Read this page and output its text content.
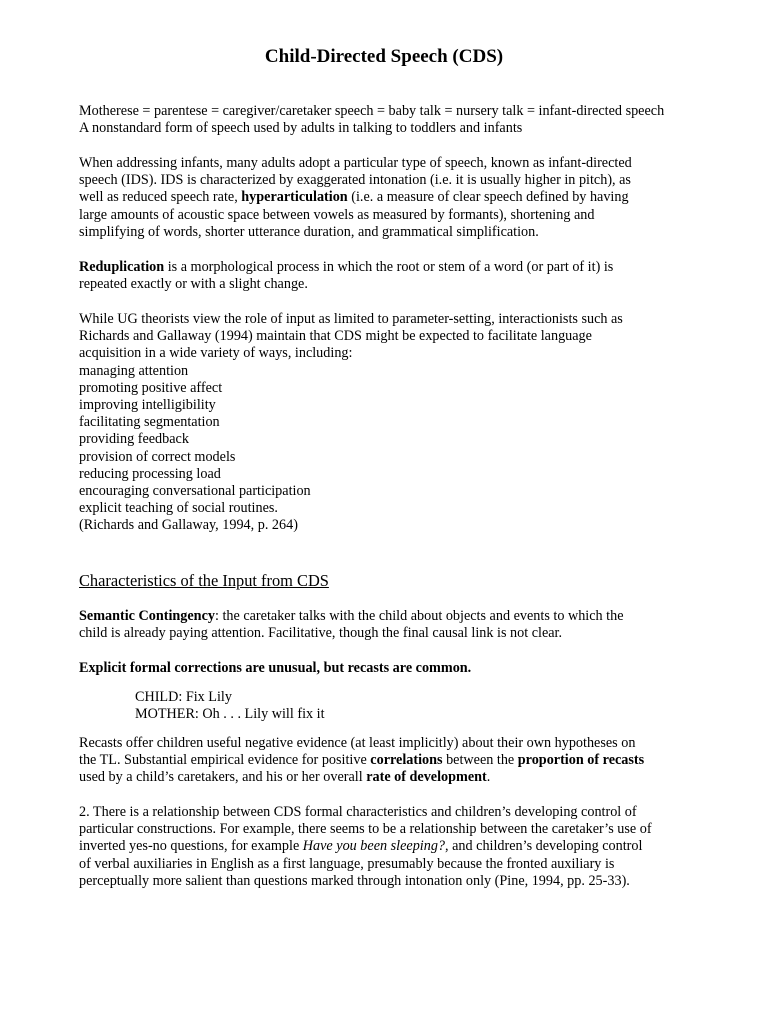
Child-Directed Speech (CDS)
Motherese = parentese = caregiver/caretaker speech = baby talk = nursery talk = infant-directed speech
A nonstandard form of speech used by adults in talking to toddlers and infants
When addressing infants, many adults adopt a particular type of speech, known as infant-directed
speech (IDS). IDS is characterized by exaggerated intonation (i.e. it is usually higher in pitch), as
well as reduced speech rate, hyperarticulation (i.e. a measure of clear speech defined by having
large amounts of acoustic space between vowels as measured by formants), shortening and
simplifying of words, shorter utterance duration, and grammatical simplification.
Reduplication is a morphological process in which the root or stem of a word (or part of it) is
repeated exactly or with a slight change.
While UG theorists view the role of input as limited to parameter-setting, interactionists such as
Richards and Gallaway (1994) maintain that CDS might be expected to facilitate language
acquisition in a wide variety of ways, including:
managing attention
promoting positive affect
improving intelligibility
facilitating segmentation
providing feedback
provision of correct models
reducing processing load
encouraging conversational participation
explicit teaching of social routines.
(Richards and Gallaway, 1994, p. 264)
Characteristics of the Input from CDS
Semantic Contingency: the caretaker talks with the child about objects and events to which the
child is already paying attention. Facilitative, though the final causal link is not clear.
Explicit formal corrections are unusual, but recasts are common.
CHILD: Fix Lily
MOTHER: Oh . . . Lily will fix it
Recasts offer children useful negative evidence (at least implicitly) about their own hypotheses on
the TL. Substantial empirical evidence for positive correlations between the proportion of recasts
used by a child’s caretakers, and his or her overall rate of development.
2. There is a relationship between CDS formal characteristics and children’s developing control of
particular constructions. For example, there seems to be a relationship between the caretaker’s use of
inverted yes-no questions, for example Have you been sleeping?, and children’s developing control
of verbal auxiliaries in English as a first language, presumably because the fronted auxiliary is
perceptually more salient than questions marked through intonation only (Pine, 1994, pp. 25-33).
